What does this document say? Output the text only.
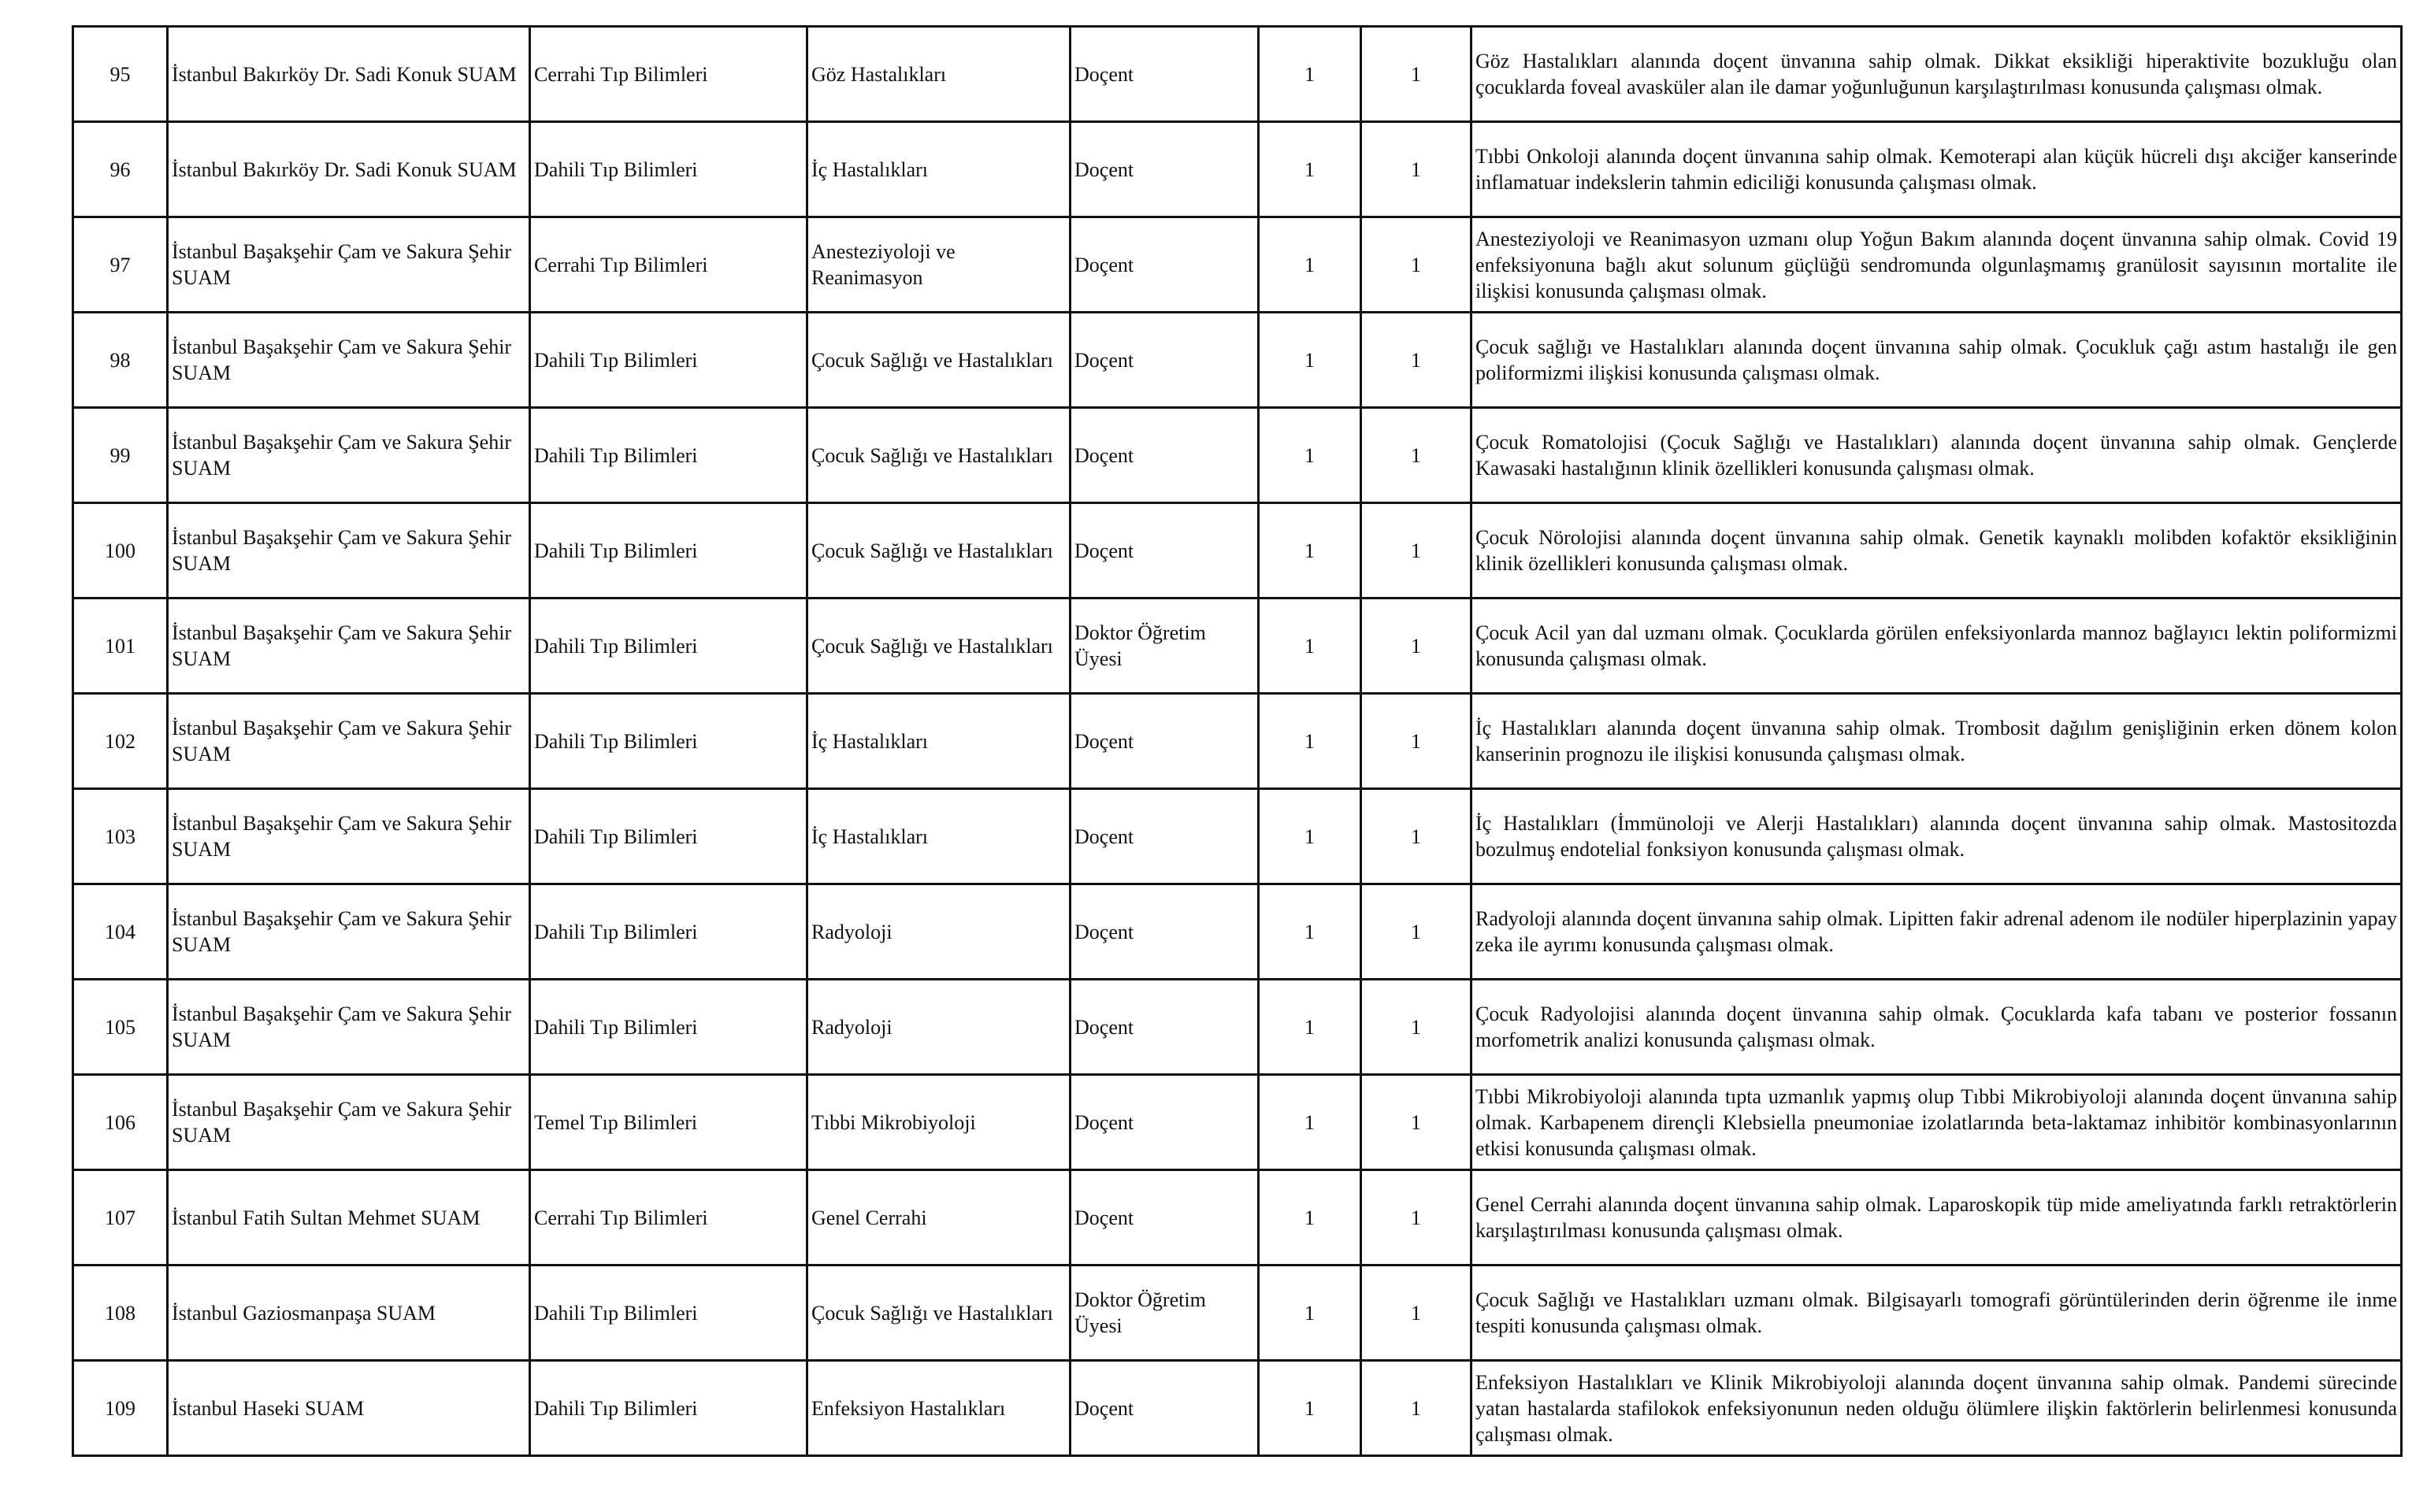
95	İstanbul Bakırköy Dr. Sadi Konuk SUAM	Cerrahi Tıp Bilimleri	Göz Hastalıkları	Doçent	1	1	Göz Hastalıkları alanında doçent ünvanına sahip olmak. Dikkat eksikliği hiperaktivite bozukluğu olan çocuklarda foveal avasküler alan ile damar yoğunluğunun karşılaştırılması konusunda çalışması olmak.
96	İstanbul Bakırköy Dr. Sadi Konuk SUAM	Dahili Tıp Bilimleri	İç Hastalıkları	Doçent	1	1	Tıbbi Onkoloji alanında doçent ünvanına sahip olmak. Kemoterapi alan küçük hücreli dışı akciğer kanserinde inflamatuar indekslerin tahmin ediciliği konusunda çalışması olmak.
97	İstanbul Başakşehir Çam ve Sakura Şehir SUAM	Cerrahi Tıp Bilimleri	Anesteziyoloji ve Reanimasyon	Doçent	1	1	Anesteziyoloji ve Reanimasyon uzmanı olup Yoğun Bakım alanında doçent ünvanına sahip olmak. Covid 19 enfeksiyonuna bağlı akut solunum güçlüğü sendromunda olgunlaşmamış granülosit sayısının mortalite ile ilişkisi konusunda çalışması olmak.
98	İstanbul Başakşehir Çam ve Sakura Şehir SUAM	Dahili Tıp Bilimleri	Çocuk Sağlığı ve Hastalıkları	Doçent	1	1	Çocuk sağlığı ve Hastalıkları alanında doçent ünvanına sahip olmak. Çocukluk çağı astım hastalığı ile gen poliformizmi ilişkisi konusunda çalışması olmak.
99	İstanbul Başakşehir Çam ve Sakura Şehir SUAM	Dahili Tıp Bilimleri	Çocuk Sağlığı ve Hastalıkları	Doçent	1	1	Çocuk Romatolojisi (Çocuk Sağlığı ve Hastalıkları) alanında doçent ünvanına sahip olmak. Gençlerde Kawasaki hastalığının klinik özellikleri konusunda çalışması olmak.
100	İstanbul Başakşehir Çam ve Sakura Şehir SUAM	Dahili Tıp Bilimleri	Çocuk Sağlığı ve Hastalıkları	Doçent	1	1	Çocuk Nörolojisi alanında doçent ünvanına sahip olmak. Genetik kaynaklı molibden kofaktör eksikliğinin klinik özellikleri konusunda çalışması olmak.
101	İstanbul Başakşehir Çam ve Sakura Şehir SUAM	Dahili Tıp Bilimleri	Çocuk Sağlığı ve Hastalıkları	Doktor Öğretim Üyesi	1	1	Çocuk Acil yan dal uzmanı olmak. Çocuklarda görülen enfeksiyonlarda mannoz bağlayıcı lektin poliformizmi konusunda çalışması olmak.
102	İstanbul Başakşehir Çam ve Sakura Şehir SUAM	Dahili Tıp Bilimleri	İç Hastalıkları	Doçent	1	1	İç Hastalıkları alanında doçent ünvanına sahip olmak. Trombosit dağılım genişliğinin erken dönem kolon kanserinin prognozu ile ilişkisi konusunda çalışması olmak.
103	İstanbul Başakşehir Çam ve Sakura Şehir SUAM	Dahili Tıp Bilimleri	İç Hastalıkları	Doçent	1	1	İç Hastalıkları (İmmünoloji ve Alerji Hastalıkları) alanında doçent ünvanına sahip olmak. Mastositozda bozulmuş endotelial fonksiyon konusunda çalışması olmak.
104	İstanbul Başakşehir Çam ve Sakura Şehir SUAM	Dahili Tıp Bilimleri	Radyoloji	Doçent	1	1	Radyoloji alanında doçent ünvanına sahip olmak. Lipitten fakir adrenal adenom ile nodüler hiperplazinin yapay zeka ile ayrımı konusunda çalışması olmak.
105	İstanbul Başakşehir Çam ve Sakura Şehir SUAM	Dahili Tıp Bilimleri	Radyoloji	Doçent	1	1	Çocuk Radyolojisi alanında doçent ünvanına sahip olmak. Çocuklarda kafa tabanı ve posterior fossanın morfometrik analizi konusunda çalışması olmak.
106	İstanbul Başakşehir Çam ve Sakura Şehir SUAM	Temel Tıp Bilimleri	Tıbbi Mikrobiyoloji	Doçent	1	1	Tıbbi Mikrobiyoloji alanında tıpta uzmanlık yapmış olup Tıbbi Mikrobiyoloji alanında doçent ünvanına sahip olmak. Karbapenem dirençli Klebsiella pneumoniae izolatlarında beta-laktamaz inhibitör kombinasyonlarının etkisi konusunda çalışması olmak.
107	İstanbul Fatih Sultan Mehmet SUAM	Cerrahi Tıp Bilimleri	Genel Cerrahi	Doçent	1	1	Genel Cerrahi alanında doçent ünvanına sahip olmak. Laparoskopik tüp mide ameliyatında farklı retraktörlerin karşılaştırılması konusunda çalışması olmak.
108	İstanbul Gaziosmanpaşa SUAM	Dahili Tıp Bilimleri	Çocuk Sağlığı ve Hastalıkları	Doktor Öğretim Üyesi	1	1	Çocuk Sağlığı ve Hastalıkları uzmanı olmak. Bilgisayarlı tomografi görüntülerinden derin öğrenme ile inme tespiti konusunda çalışması olmak.
109	İstanbul Haseki SUAM	Dahili Tıp Bilimleri	Enfeksiyon Hastalıkları	Doçent	1	1	Enfeksiyon Hastalıkları ve Klinik Mikrobiyoloji alanında doçent ünvanına sahip olmak. Pandemi sürecinde yatan hastalarda stafilokok enfeksiyonunun neden olduğu ölümlere ilişkin faktörlerin belirlenmesi konusunda çalışması olmak.
